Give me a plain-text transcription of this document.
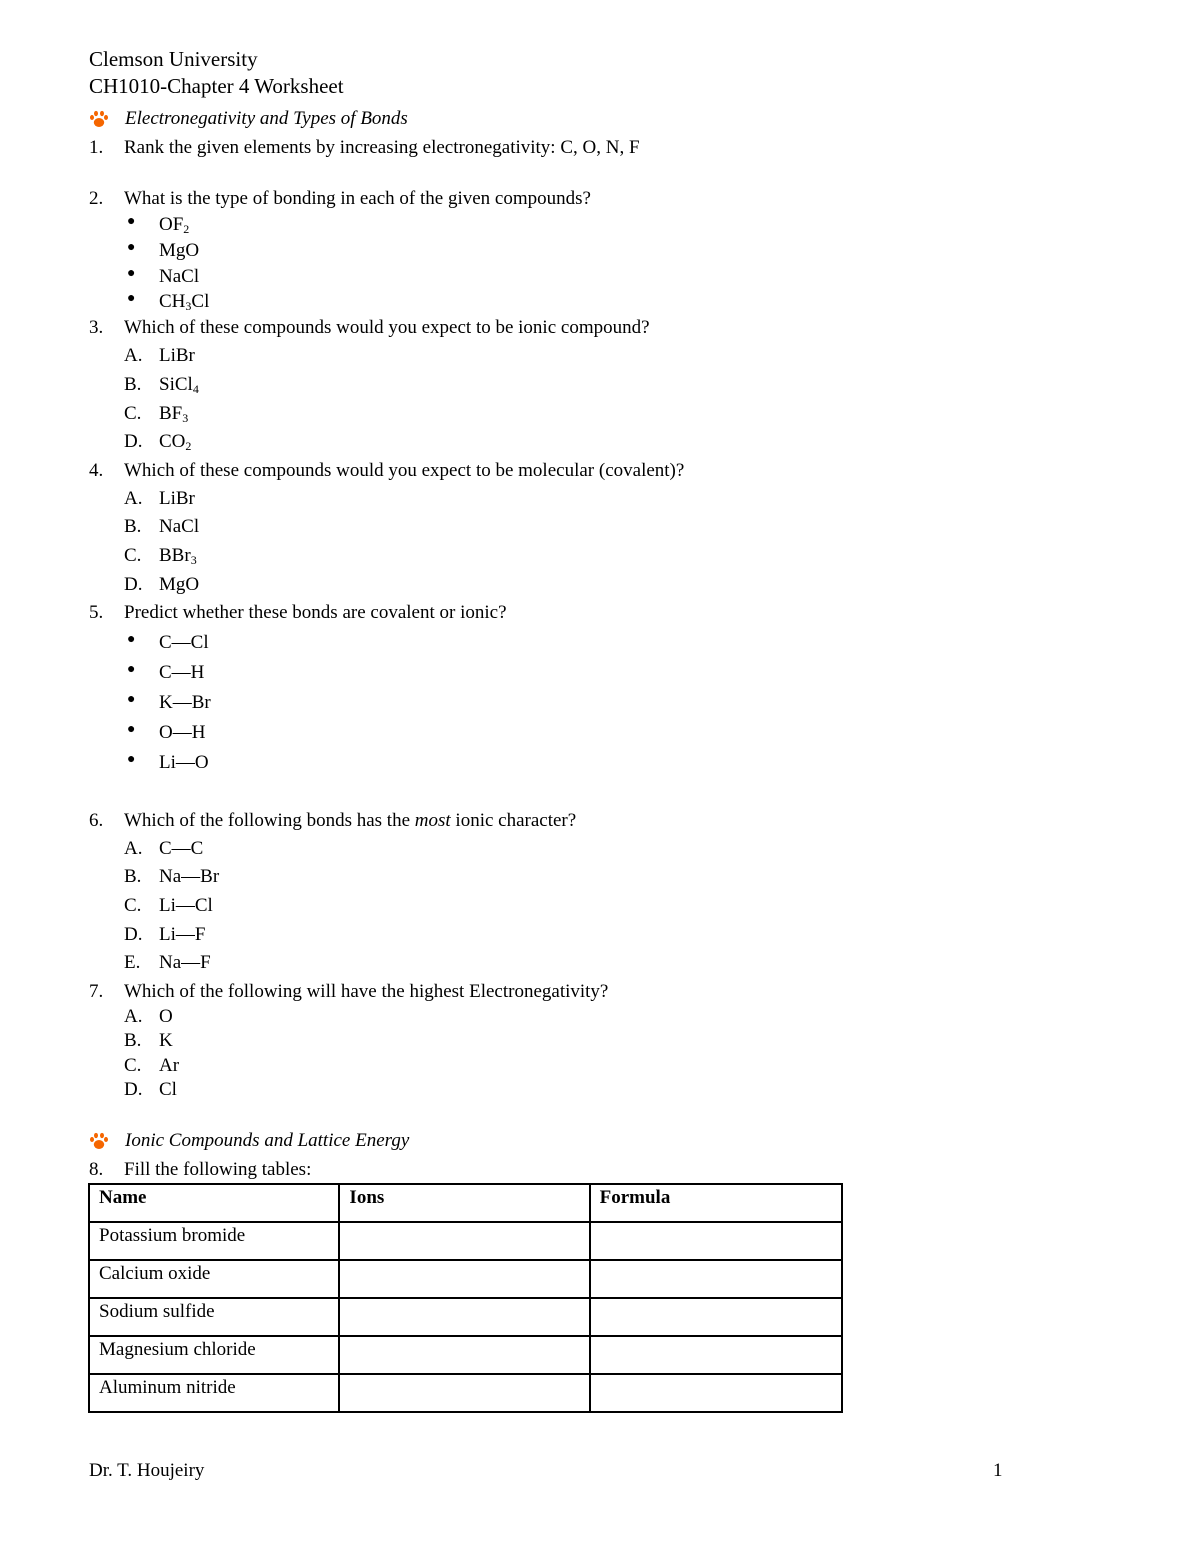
Clemson University
CH1010-Chapter 4 Worksheet
Electronegativity and Types of Bonds
1. Rank the given elements by increasing electronegativity: C, O, N, F
2. What is the type of bonding in each of the given compounds?
● $OF_2$
● MgO
● NaCl
● $CH_3Cl$
3. Which of these compounds would you expect to be ionic compound?
A. LiBr
B. SiCl$_4$
C. $BF_3$
D. $CO_2$
4. Which of these compounds would you expect to be molecular (covalent)?
A. LiBr
B. NaCl
C. BBr$_3$
D. MgO
5. Predict whether these bonds are covalent or ionic?
● C—Cl
● C—H
● K—Br
● O—H
● Li—O
6. Which of the following bonds has the most ionic character?
A. C—C
B. Na—Br
C. Li—Cl
D. Li—F
E. Na—F
7. Which of the following will have the highest Electronegativity?
A. O
B. K
C. Ar
D. Cl
Ionic Compounds and Lattice Energy
8. Fill the following tables:
Name	Ions	Formula
Potassium bromide		
Calcium oxide		
Sodium sulfide		
Magnesium chloride		
Aluminum nitride		
Dr. T. Houjeiry	1
